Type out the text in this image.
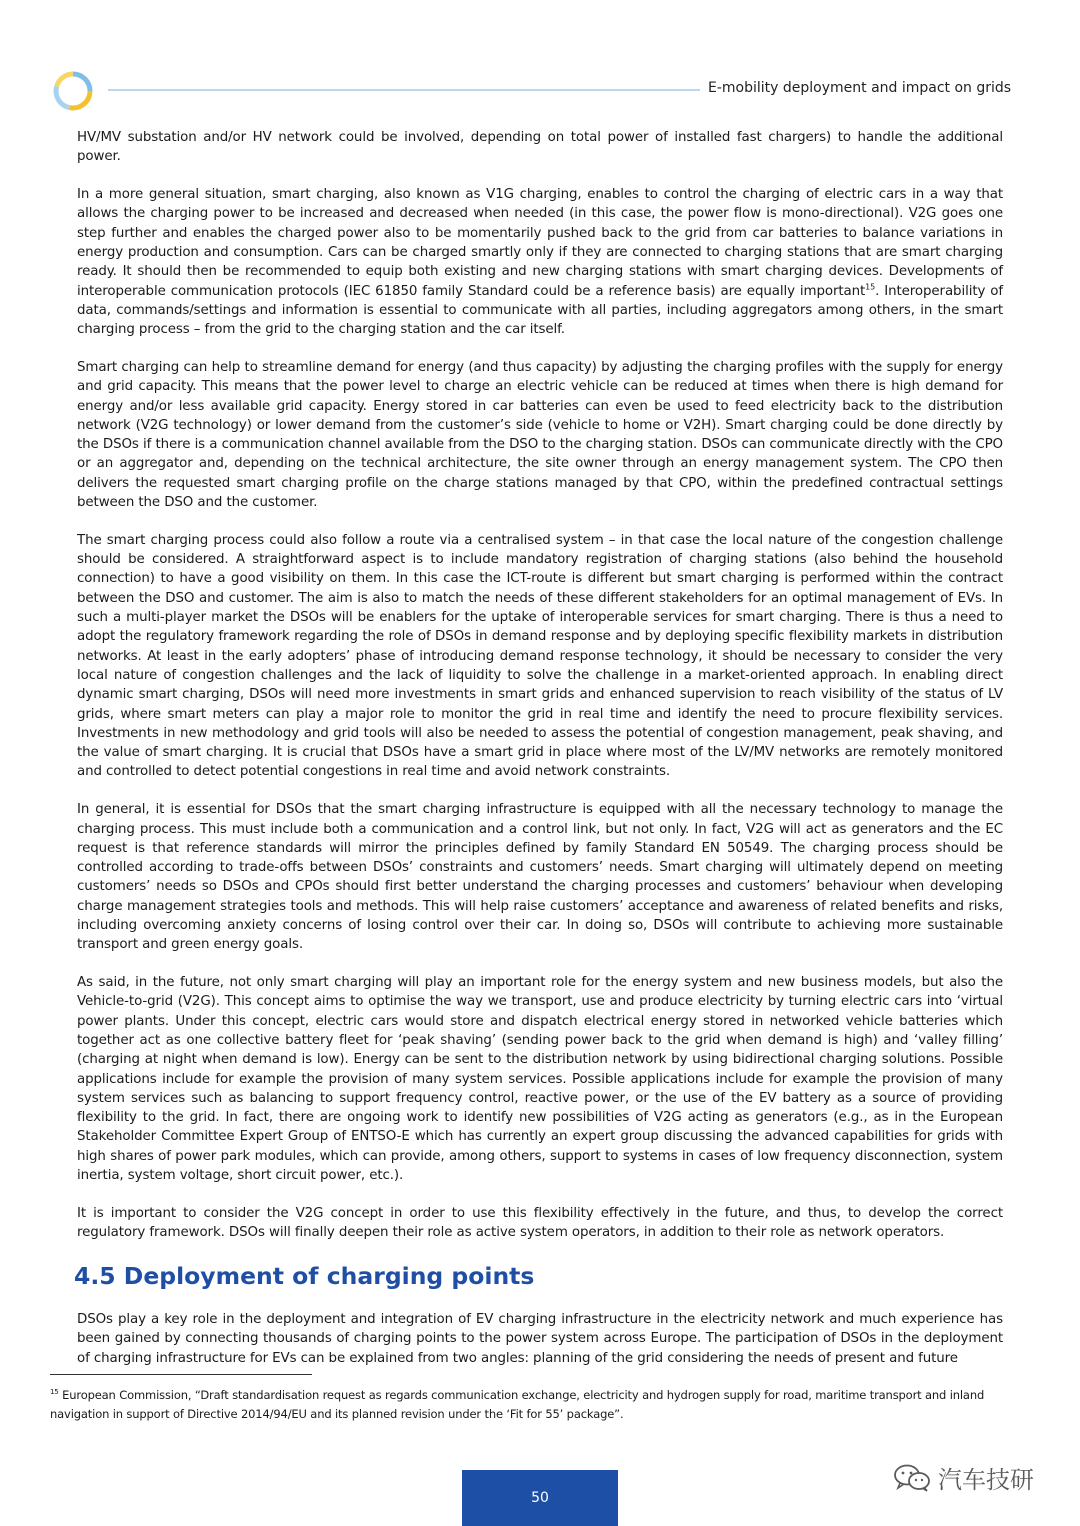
E-mobility deployment and impact on grids

HV/MV substation and/or HV network could be involved, depending on total power of installed fast chargers) to handle the additional power.

In a more general situation, smart charging, also known as V1G charging, enables to control the charging of electric cars in a way that allows the charging power to be increased and decreased when needed (in this case, the power flow is mono-directional). V2G goes one step further and enables the charged power also to be momentarily pushed back to the grid from car batteries to balance variations in energy production and consumption. Cars can be charged smartly only if they are connected to charging stations that are smart charging ready. It should then be recommended to equip both existing and new charging stations with smart charging devices. Developments of interoperable communication protocols (IEC 61850 family Standard could be a reference basis) are equally important$^{15}$. Interoperability of data, commands/settings and information is essential to communicate with all parties, including aggregators among others, in the smart charging process – from the grid to the charging station and the car itself.

Smart charging can help to streamline demand for energy (and thus capacity) by adjusting the charging profiles with the supply for energy and grid capacity. This means that the power level to charge an electric vehicle can be reduced at times when there is high demand for energy and/or less available grid capacity. Energy stored in car batteries can even be used to feed electricity back to the distribution network (V2G technology) or lower demand from the customer’s side (vehicle to home or V2H). Smart charging could be done directly by the DSOs if there is a communication channel available from the DSO to the charging station. DSOs can communicate directly with the CPO or an aggregator and, depending on the technical architecture, the site owner through an energy management system. The CPO then delivers the requested smart charging profile on the charge stations managed by that CPO, within the predefined contractual settings between the DSO and the customer.

The smart charging process could also follow a route via a centralised system – in that case the local nature of the congestion challenge should be considered. A straightforward aspect is to include mandatory registration of charging stations (also behind the household connection) to have a good visibility on them. In this case the ICT-route is different but smart charging is performed within the contract between the DSO and customer. The aim is also to match the needs of these different stakeholders for an optimal management of EVs. In such a multi-player market the DSOs will be enablers for the uptake of interoperable services for smart charging. There is thus a need to adopt the regulatory framework regarding the role of DSOs in demand response and by deploying specific flexibility markets in distribution networks. At least in the early adopters’ phase of introducing demand response technology, it should be necessary to consider the very local nature of congestion challenges and the lack of liquidity to solve the challenge in a market-oriented approach. In enabling direct dynamic smart charging, DSOs will need more investments in smart grids and enhanced supervision to reach visibility of the status of LV grids, where smart meters can play a major role to monitor the grid in real time and identify the need to procure flexibility services. Investments in new methodology and grid tools will also be needed to assess the potential of congestion management, peak shaving, and the value of smart charging. It is crucial that DSOs have a smart grid in place where most of the LV/MV networks are remotely monitored and controlled to detect potential congestions in real time and avoid network constraints.

In general, it is essential for DSOs that the smart charging infrastructure is equipped with all the necessary technology to manage the charging process. This must include both a communication and a control link, but not only. In fact, V2G will act as generators and the EC request is that reference standards will mirror the principles defined by family Standard EN 50549. The charging process should be controlled according to trade-offs between DSOs’ constraints and customers’ needs. Smart charging will ultimately depend on meeting customers’ needs so DSOs and CPOs should first better understand the charging processes and customers’ behaviour when developing charge management strategies tools and methods. This will help raise customers’ acceptance and awareness of related benefits and risks, including overcoming anxiety concerns of losing control over their car. In doing so, DSOs will contribute to achieving more sustainable transport and green energy goals.

As said, in the future, not only smart charging will play an important role for the energy system and new business models, but also the Vehicle-to-grid (V2G). This concept aims to optimise the way we transport, use and produce electricity by turning electric cars into ‘virtual power plants. Under this concept, electric cars would store and dispatch electrical energy stored in networked vehicle batteries which together act as one collective battery fleet for ‘peak shaving’ (sending power back to the grid when demand is high) and ‘valley filling’ (charging at night when demand is low). Energy can be sent to the distribution network by using bidirectional charging solutions. Possible applications include for example the provision of many system services. Possible applications include for example the provision of many system services such as balancing to support frequency control, reactive power, or the use of the EV battery as a source of providing flexibility to the grid. In fact, there are ongoing work to identify new possibilities of V2G acting as generators (e.g., as in the European Stakeholder Committee Expert Group of ENTSO-E which has currently an expert group discussing the advanced capabilities for grids with high shares of power park modules, which can provide, among others, support to systems in cases of low frequency disconnection, system inertia, system voltage, short circuit power, etc.).

It is important to consider the V2G concept in order to use this flexibility effectively in the future, and thus, to develop the correct regulatory framework. DSOs will finally deepen their role as active system operators, in addition to their role as network operators.

4.5 Deployment of charging points

DSOs play a key role in the deployment and integration of EV charging infrastructure in the electricity network and much experience has been gained by connecting thousands of charging points to the power system across Europe. The participation of DSOs in the deployment of charging infrastructure for EVs can be explained from two angles: planning of the grid considering the needs of present and future

$^{15}$ European Commission, “Draft standardisation request as regards communication exchange, electricity and hydrogen supply for road, maritime transport and inland navigation in support of Directive 2014/94/EU and its planned revision under the ‘Fit for 55’ package”.
50
汽车技研
